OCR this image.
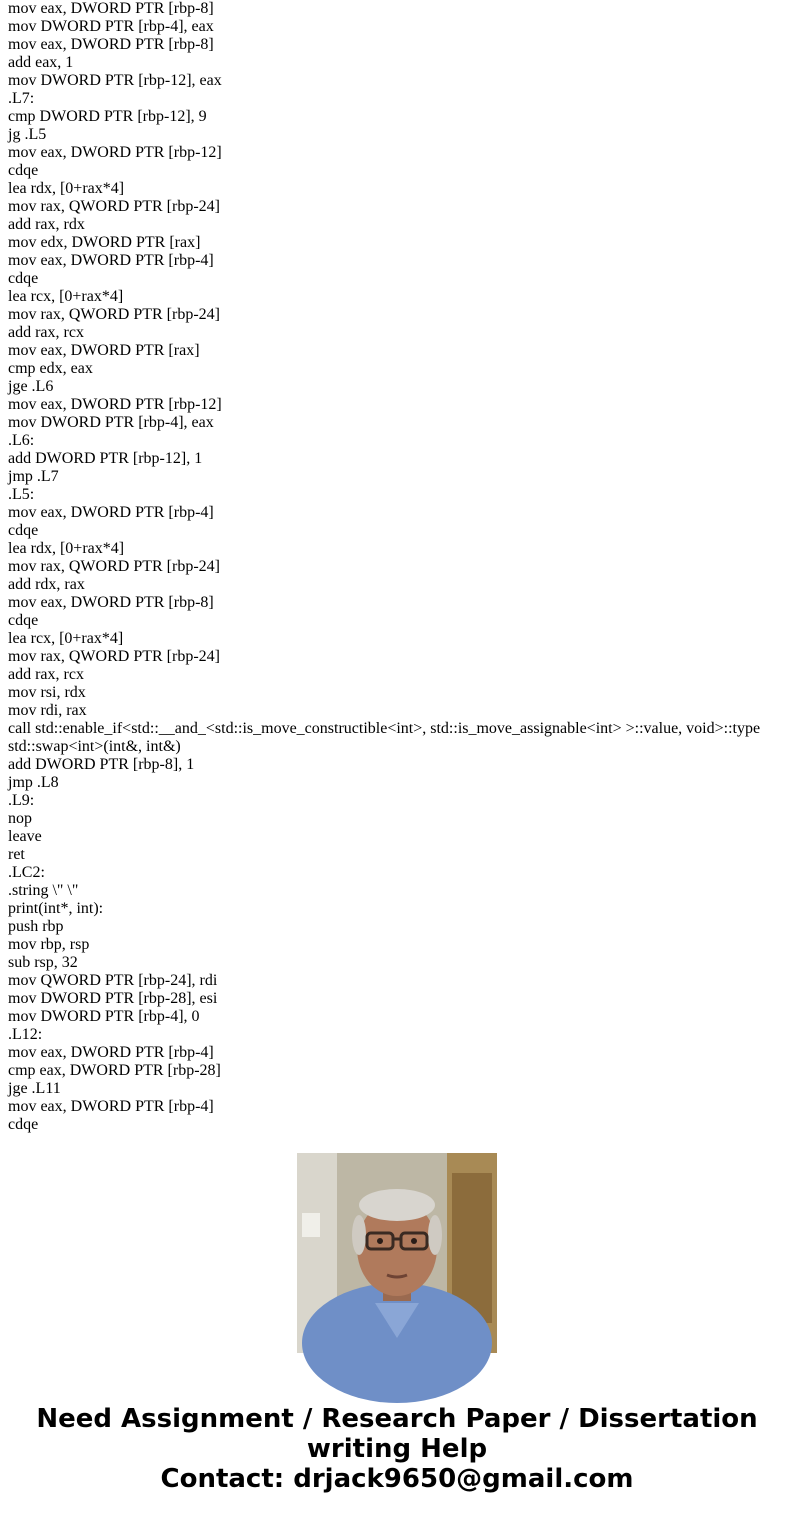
mov eax, DWORD PTR [rbp-8]
mov DWORD PTR [rbp-4], eax
mov eax, DWORD PTR [rbp-8]
add eax, 1
mov DWORD PTR [rbp-12], eax
.L7:
cmp DWORD PTR [rbp-12], 9
jg .L5
mov eax, DWORD PTR [rbp-12]
cdqe
lea rdx, [0+rax*4]
mov rax, QWORD PTR [rbp-24]
add rax, rdx
mov edx, DWORD PTR [rax]
mov eax, DWORD PTR [rbp-4]
cdqe
lea rcx, [0+rax*4]
mov rax, QWORD PTR [rbp-24]
add rax, rcx
mov eax, DWORD PTR [rax]
cmp edx, eax
jge .L6
mov eax, DWORD PTR [rbp-12]
mov DWORD PTR [rbp-4], eax
.L6:
add DWORD PTR [rbp-12], 1
jmp .L7
.L5:
mov eax, DWORD PTR [rbp-4]
cdqe
lea rdx, [0+rax*4]
mov rax, QWORD PTR [rbp-24]
add rdx, rax
mov eax, DWORD PTR [rbp-8]
cdqe
lea rcx, [0+rax*4]
mov rax, QWORD PTR [rbp-24]
add rax, rcx
mov rsi, rdx
mov rdi, rax
call std::enable_if<std::__and_<std::is_move_constructible<int>, std::is_move_assignable<int> >::value, void>::type
std::swap<int>(int&, int&)
add DWORD PTR [rbp-8], 1
jmp .L8
.L9:
nop
leave
ret
.LC2:
.string \" \"
print(int*, int):
push rbp
mov rbp, rsp
sub rsp, 32
mov QWORD PTR [rbp-24], rdi
mov DWORD PTR [rbp-28], esi
mov DWORD PTR [rbp-4], 0
.L12:
mov eax, DWORD PTR [rbp-4]
cmp eax, DWORD PTR [rbp-28]
jge .L11
mov eax, DWORD PTR [rbp-4]
cdqe
Need Assignment / Research Paper / Dissertation
writing Help
Contact: drjack9650@gmail.com
